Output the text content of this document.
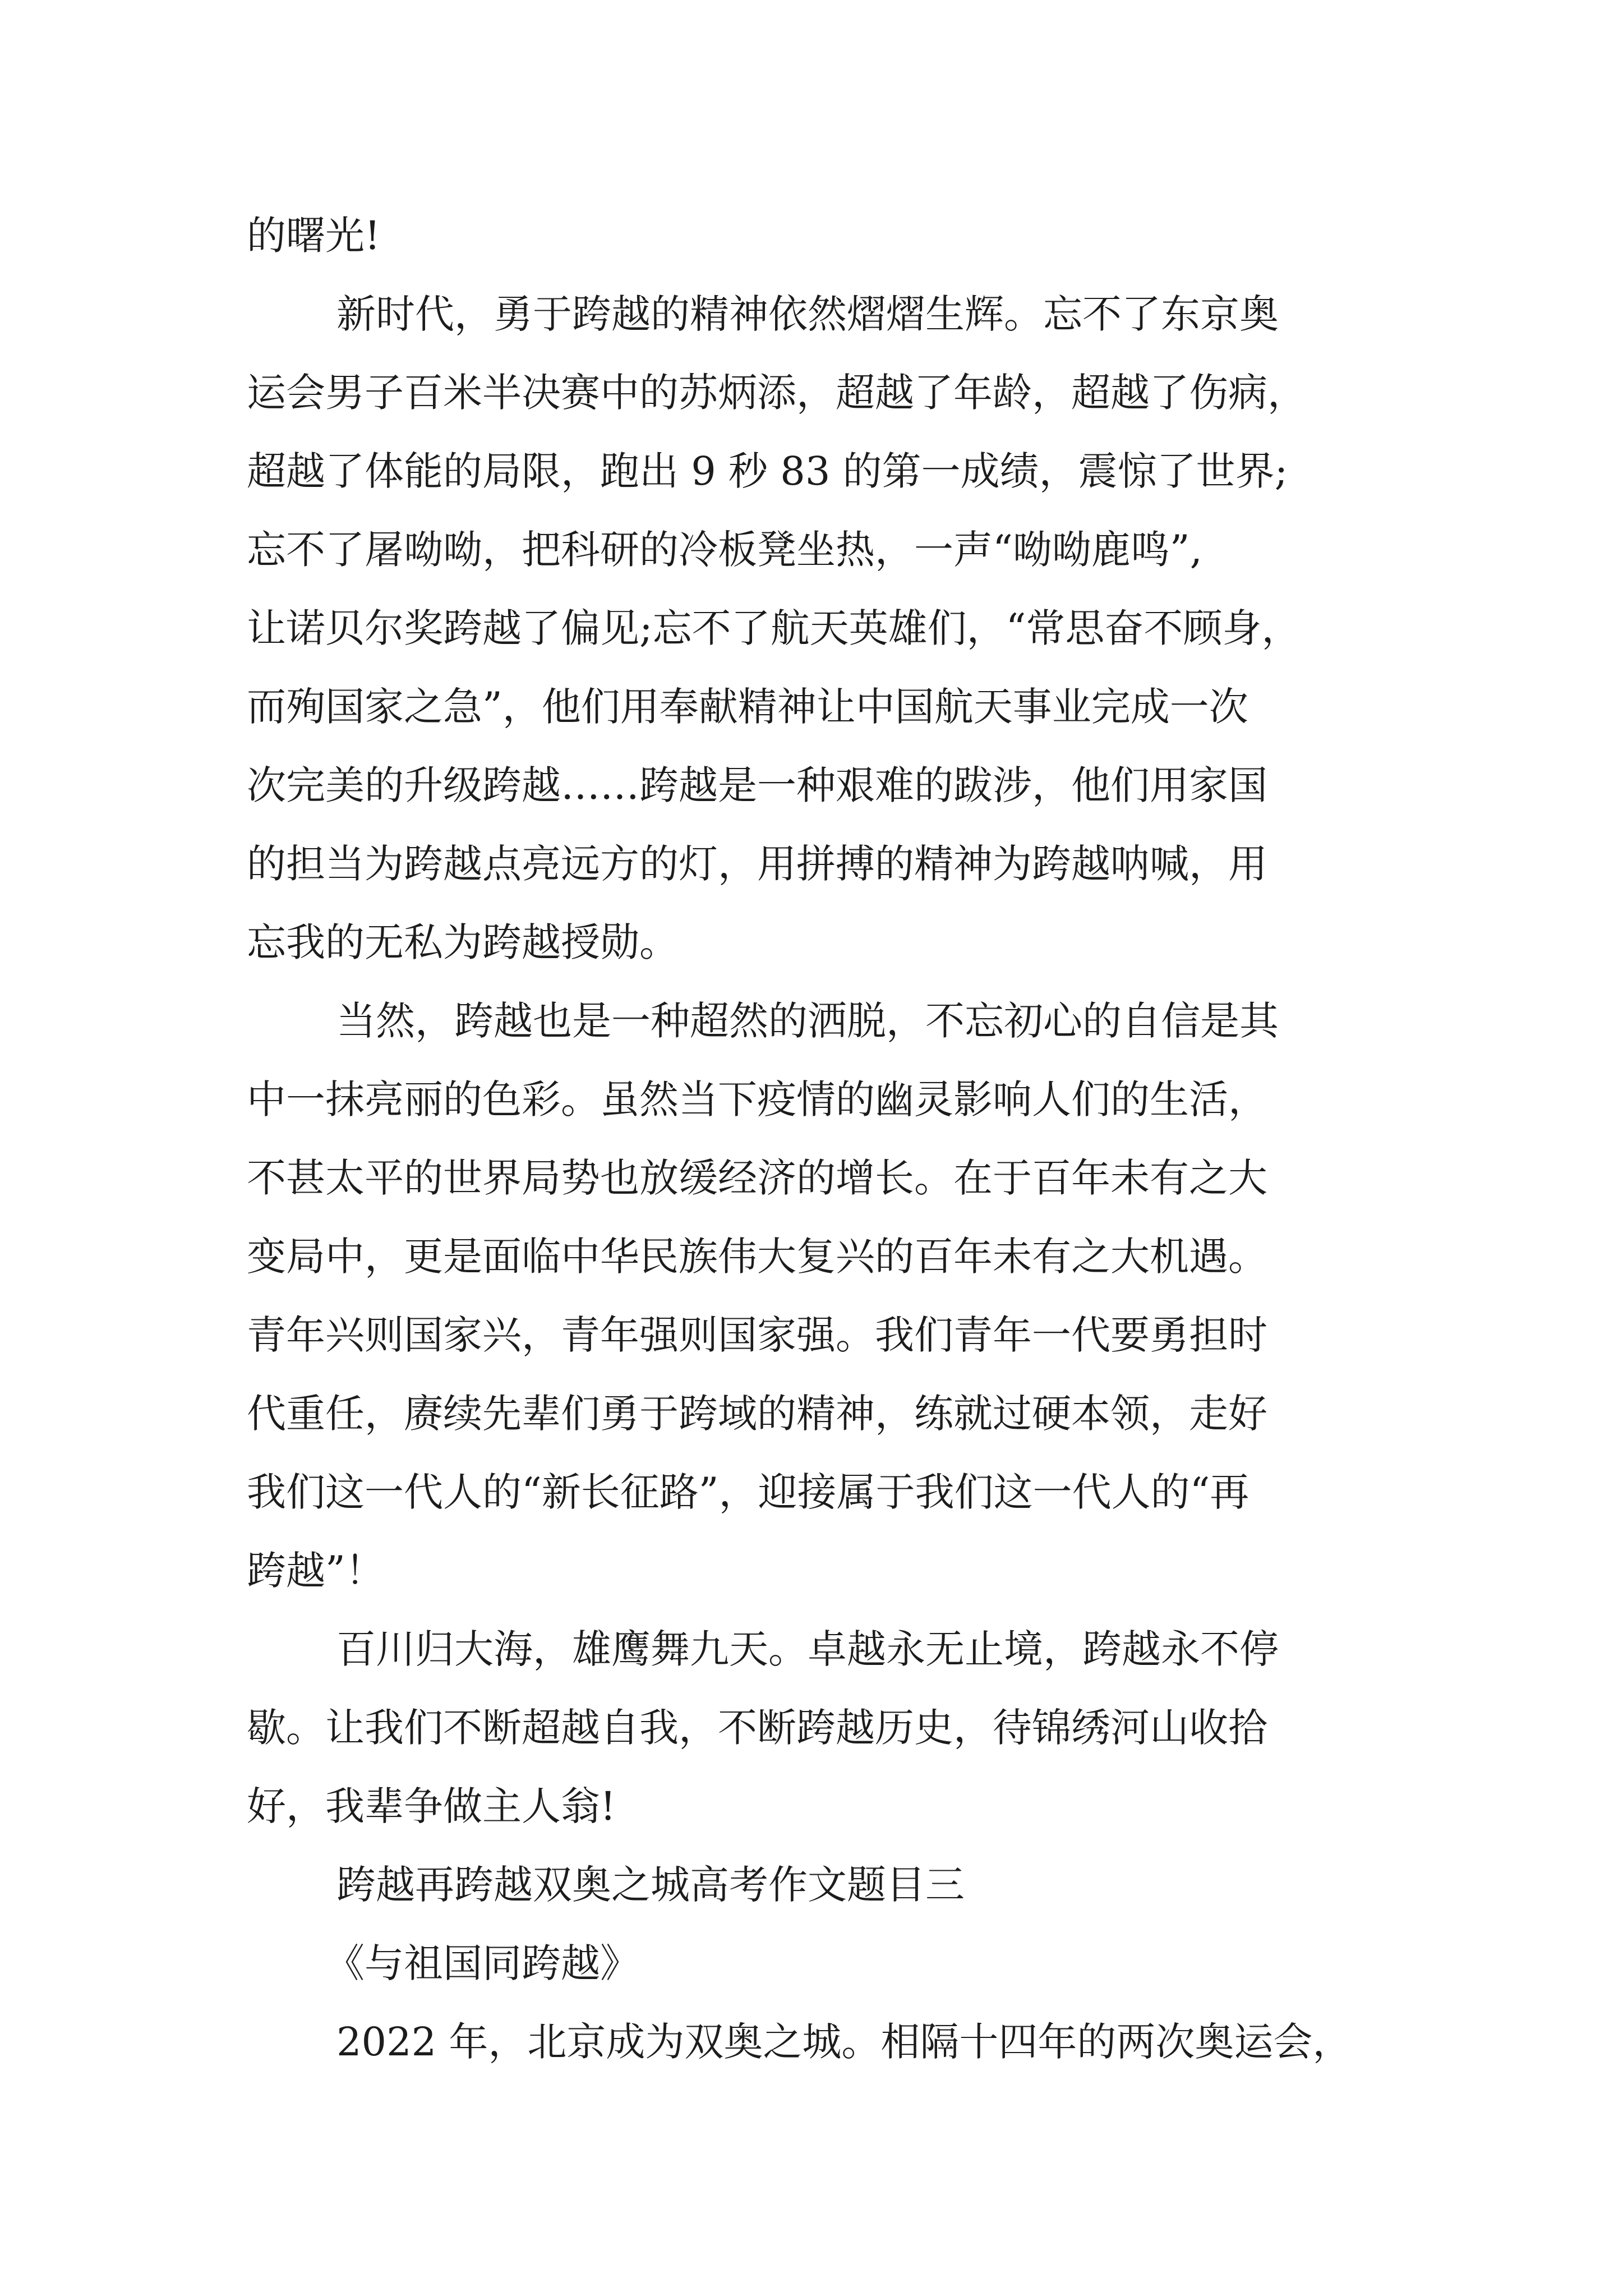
的曙光!
新时代，勇于跨越的精神依然熠熠生辉。忘不了东京奥
运会男子百米半决赛中的苏炳添，超越了年龄，超越了伤病，
超越了体能的局限，跑出 9 秒 83 的第一成绩，震惊了世界;
忘不了屠呦呦，把科研的冷板凳坐热，一声“呦呦鹿鸣”,
让诺贝尔奖跨越了偏见;忘不了航天英雄们，“常思奋不顾身，
而殉国家之急”，他们用奉献精神让中国航天事业完成一次
次完美的升级跨越……跨越是一种艰难的跋涉，他们用家国
的担当为跨越点亮远方的灯，用拼搏的精神为跨越呐喊，用
忘我的无私为跨越授勋。
当然，跨越也是一种超然的洒脱，不忘初心的自信是其
中一抹亮丽的色彩。虽然当下疫情的幽灵影响人们的生活，
不甚太平的世界局势也放缓经济的增长。在于百年未有之大
变局中，更是面临中华民族伟大复兴的百年未有之大机遇。
青年兴则国家兴，青年强则国家强。我们青年一代要勇担时
代重任，赓续先辈们勇于跨域的精神，练就过硬本领，走好
我们这一代人的“新长征路”，迎接属于我们这一代人的“再
跨越”！
百川归大海，雄鹰舞九天。卓越永无止境，跨越永不停
歇。让我们不断超越自我，不断跨越历史，待锦绣河山收拾
好，我辈争做主人翁!
跨越再跨越双奥之城高考作文题目三
《与祖国同跨越》
2022 年，北京成为双奥之城。相隔十四年的两次奥运会，
